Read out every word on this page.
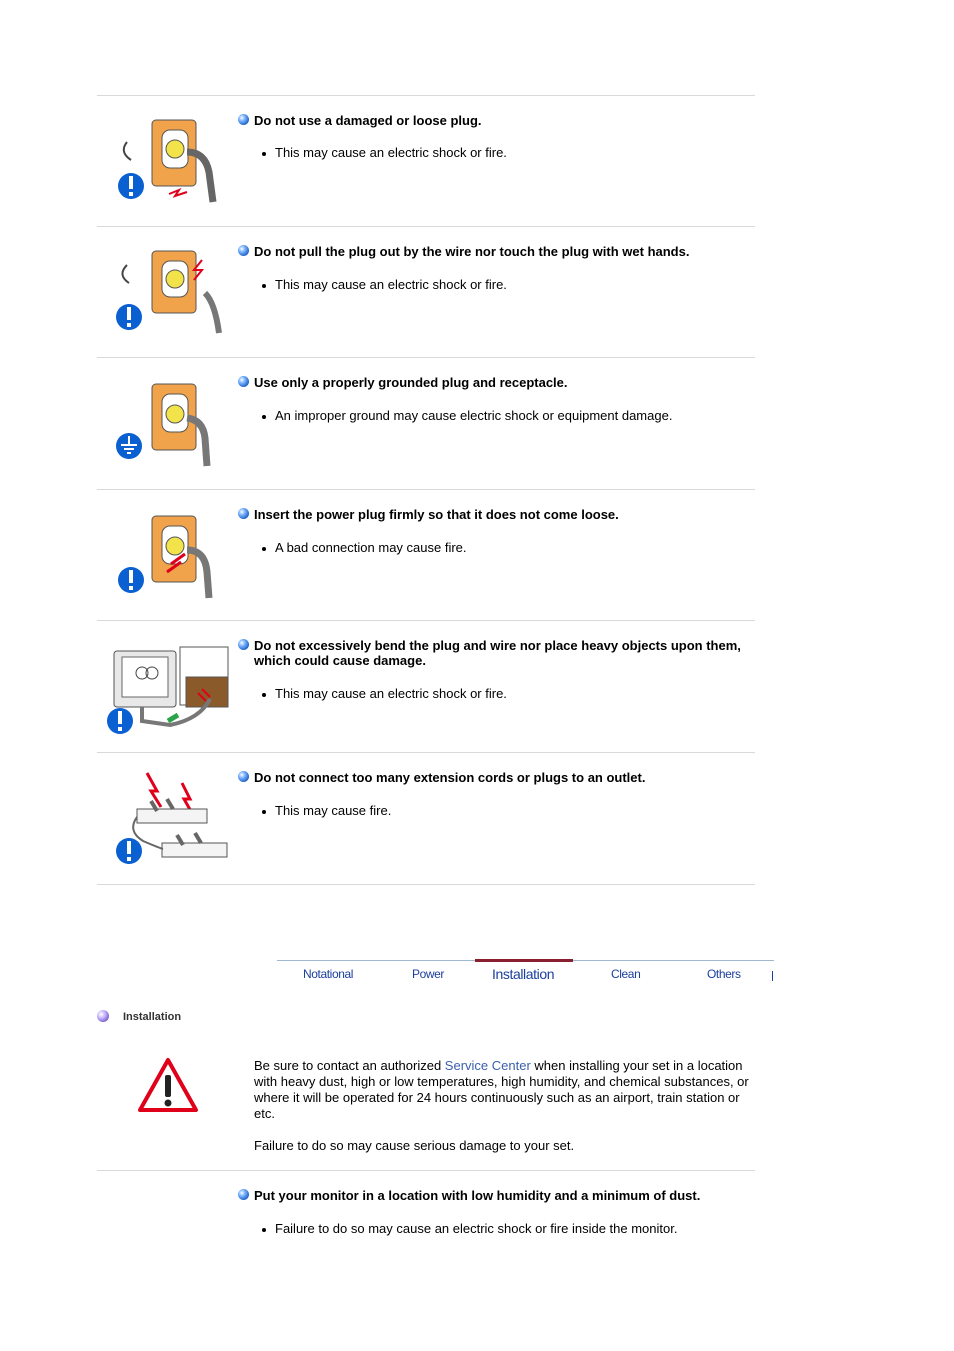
Do not use a damaged or loose plug.
This may cause an electric shock or fire.
Do not pull the plug out by the wire nor touch the plug with wet hands.
This may cause an electric shock or fire.
Use only a properly grounded plug and receptacle.
An improper ground may cause electric shock or equipment damage.
Insert the power plug firmly so that it does not come loose.
A bad connection may cause fire.
Do not excessively bend the plug and wire nor place heavy objects upon them, which could cause damage.
This may cause an electric shock or fire.
Do not connect too many extension cords or plugs to an outlet.
This may cause fire.
Notational	Power	Installation	Clean	Others
Installation
Be sure to contact an authorized Service Center when installing your set in a location with heavy dust, high or low temperatures, high humidity, and chemical substances, or where it will be operated for 24 hours continuously such as an airport, train station or etc.
Failure to do so may cause serious damage to your set.
Put your monitor in a location with low humidity and a minimum of dust.
Failure to do so may cause an electric shock or fire inside the monitor.
